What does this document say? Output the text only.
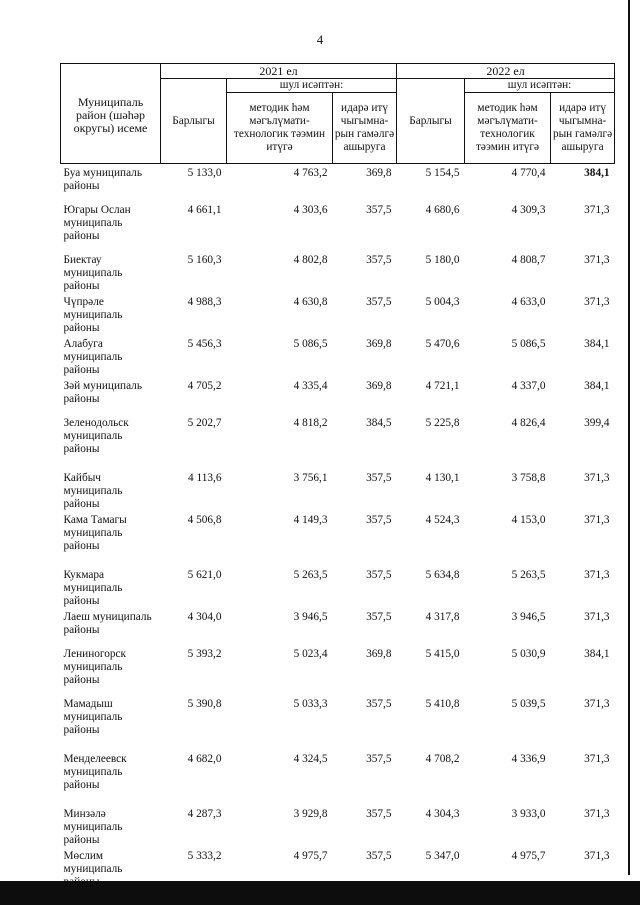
4
Муниципаль район (шәһәр округы) исеме	2021 ел			2022 ел		
	Барлыгы	шул исәптән:		Барлыгы	шул исәптән:	
		методик һәм мәгълүмати-технологик тәэмин итүгә	идарә итү чыгымна-рын гамәлгә ашыруга		методик һәм мәгълүмати-технологик тәэмин итүгә	идарә итү чыгымна-рын гамәлгә ашыруга
Буа муниципаль районы	5 133,0	4 763,2	369,8	5 154,5	4 770,4	384,1
Югары Ослан муниципаль районы	4 661,1	4 303,6	357,5	4 680,6	4 309,3	371,3
Биектау муниципаль районы	5 160,3	4 802,8	357,5	5 180,0	4 808,7	371,3
Чүпрәле муниципаль районы	4 988,3	4 630,8	357,5	5 004,3	4 633,0	371,3
Алабуга муниципаль районы	5 456,3	5 086,5	369,8	5 470,6	5 086,5	384,1
Зәй муниципаль районы	4 705,2	4 335,4	369,8	4 721,1	4 337,0	384,1
Зеленодольск муниципаль районы	5 202,7	4 818,2	384,5	5 225,8	4 826,4	399,4
Кайбыч муниципаль районы	4 113,6	3 756,1	357,5	4 130,1	3 758,8	371,3
Кама Тамагы муниципаль районы	4 506,8	4 149,3	357,5	4 524,3	4 153,0	371,3
Кукмара муниципаль районы	5 621,0	5 263,5	357,5	5 634,8	5 263,5	371,3
Лаеш муниципаль районы	4 304,0	3 946,5	357,5	4 317,8	3 946,5	371,3
Лениногорск муниципаль районы	5 393,2	5 023,4	369,8	5 415,0	5 030,9	384,1
Мамадыш муниципаль районы	5 390,8	5 033,3	357,5	5 410,8	5 039,5	371,3
Менделеевск муниципаль районы	4 682,0	4 324,5	357,5	4 708,2	4 336,9	371,3
Минзәлә муниципаль районы	4 287,3	3 929,8	357,5	4 304,3	3 933,0	371,3
Мөслим муниципаль	5 333,2	4 975,7	357,5	5 347,0	4 975,7	371,3
